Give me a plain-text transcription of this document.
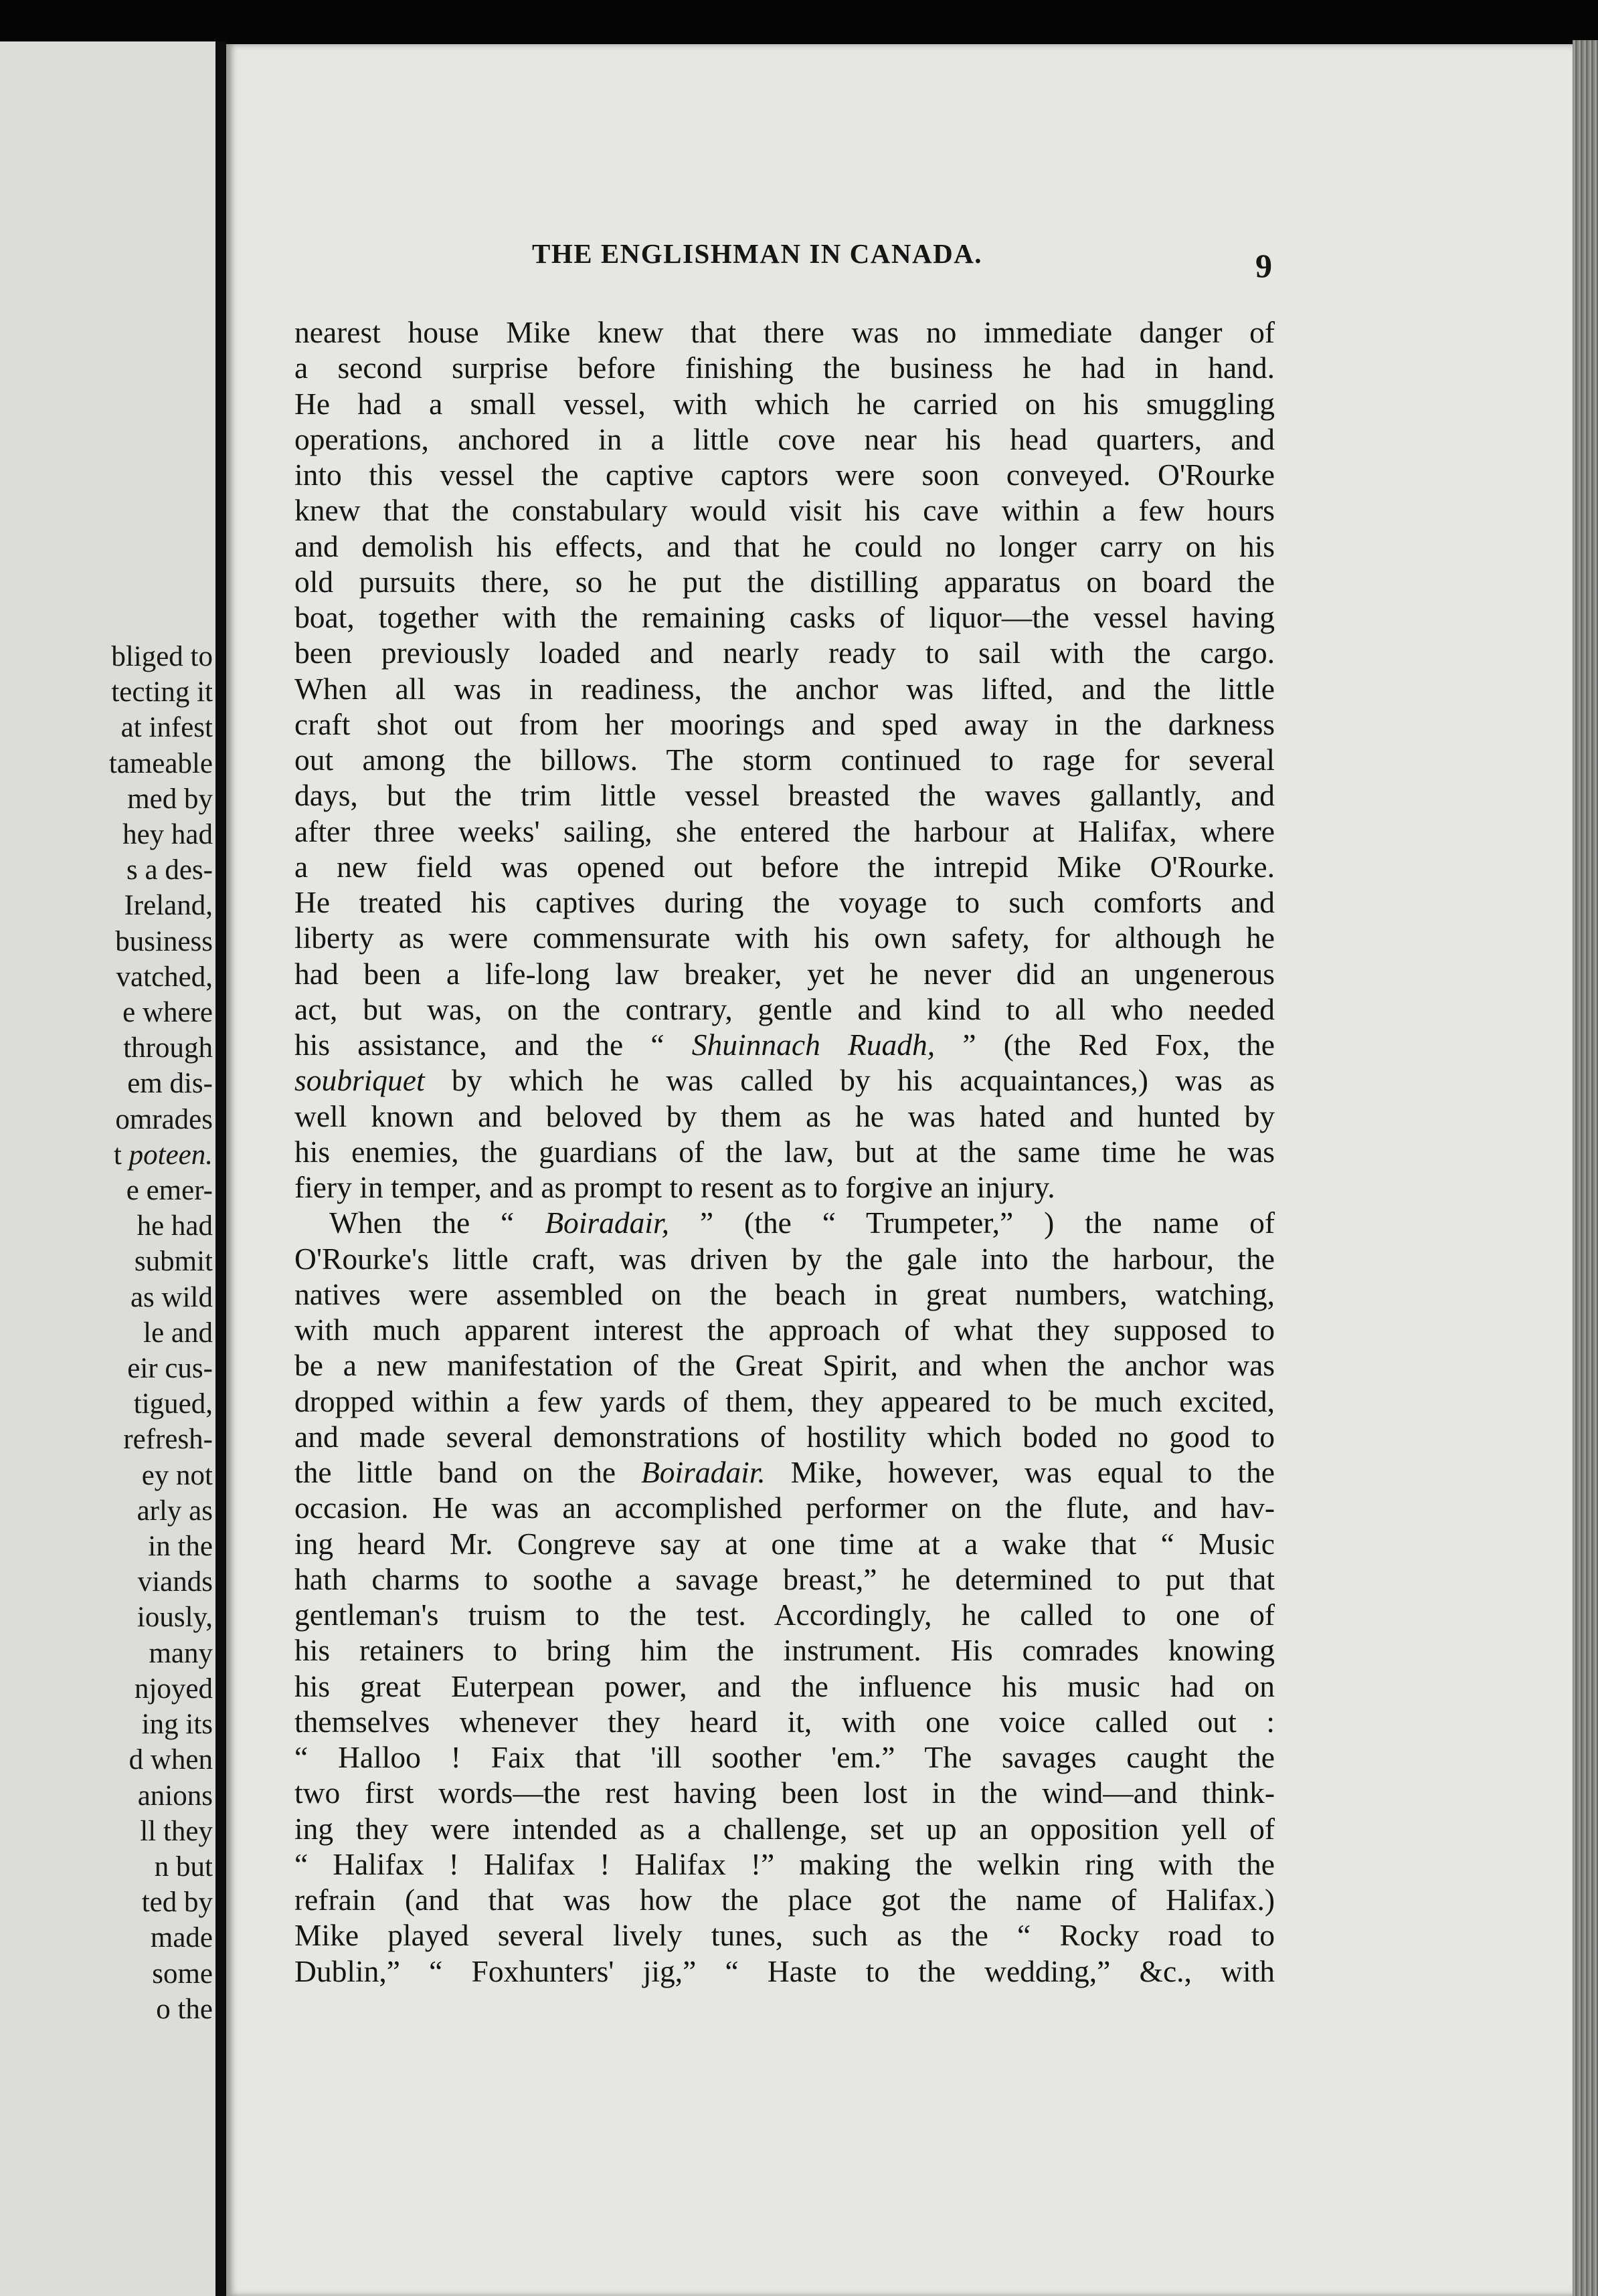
bliged to
tecting it
at infest
tameable
med by
hey had
s a des-
Ireland,
business
vatched,
e where
through
em dis-
omrades
t poteen.
e emer-
he had
submit
as wild
le and
eir cus-
tigued,
refresh-
ey not
arly as
in the
viands
iously,
many
njoyed
ing its
d when
anions
ll they
n but
ted by
made
some
o the
THE ENGLISHMAN IN CANADA.	9
nearest house Mike knew that there was no immediate danger of
a second surprise before finishing the business he had in hand.
He had a small vessel, with which he carried on his smuggling
operations, anchored in a little cove near his head quarters, and
into this vessel the captive captors were soon conveyed. O'Rourke
knew that the constabulary would visit his cave within a few hours
and demolish his effects, and that he could no longer carry on his
old pursuits there, so he put the distilling apparatus on board the
boat, together with the remaining casks of liquor—the vessel having
been previously loaded and nearly ready to sail with the cargo.
When all was in readiness, the anchor was lifted, and the little
craft shot out from her moorings and sped away in the darkness
out among the billows. The storm continued to rage for several
days, but the trim little vessel breasted the waves gallantly, and
after three weeks' sailing, she entered the harbour at Halifax, where
a new field was opened out before the intrepid Mike O'Rourke.
He treated his captives during the voyage to such comforts and
liberty as were commensurate with his own safety, for although he
had been a life-long law breaker, yet he never did an ungenerous
act, but was, on the contrary, gentle and kind to all who needed
his assistance, and the “ Shuinnach Ruadh, ” (the Red Fox, the
soubriquet by which he was called by his acquaintances,) was as
well known and beloved by them as he was hated and hunted by
his enemies, the guardians of the law, but at the same time he was
fiery in temper, and as prompt to resent as to forgive an injury.
When the “ Boiradair, ” (the “ Trumpeter,” ) the name of
O'Rourke's little craft, was driven by the gale into the harbour, the
natives were assembled on the beach in great numbers, watching,
with much apparent interest the approach of what they supposed to
be a new manifestation of the Great Spirit, and when the anchor was
dropped within a few yards of them, they appeared to be much excited,
and made several demonstrations of hostility which boded no good to
the little band on the Boiradair. Mike, however, was equal to the
occasion. He was an accomplished performer on the flute, and hav-
ing heard Mr. Congreve say at one time at a wake that “ Music
hath charms to soothe a savage breast,” he determined to put that
gentleman's truism to the test. Accordingly, he called to one of
his retainers to bring him the instrument. His comrades knowing
his great Euterpean power, and the influence his music had on
themselves whenever they heard it, with one voice called out :
“ Halloo ! Faix that 'ill soother 'em.” The savages caught the
two first words—the rest having been lost in the wind—and think-
ing they were intended as a challenge, set up an opposition yell of
“ Halifax ! Halifax ! Halifax !” making the welkin ring with the
refrain (and that was how the place got the name of Halifax.)
Mike played several lively tunes, such as the “ Rocky road to
Dublin,” “ Foxhunters' jig,” “ Haste to the wedding,” &c., with
